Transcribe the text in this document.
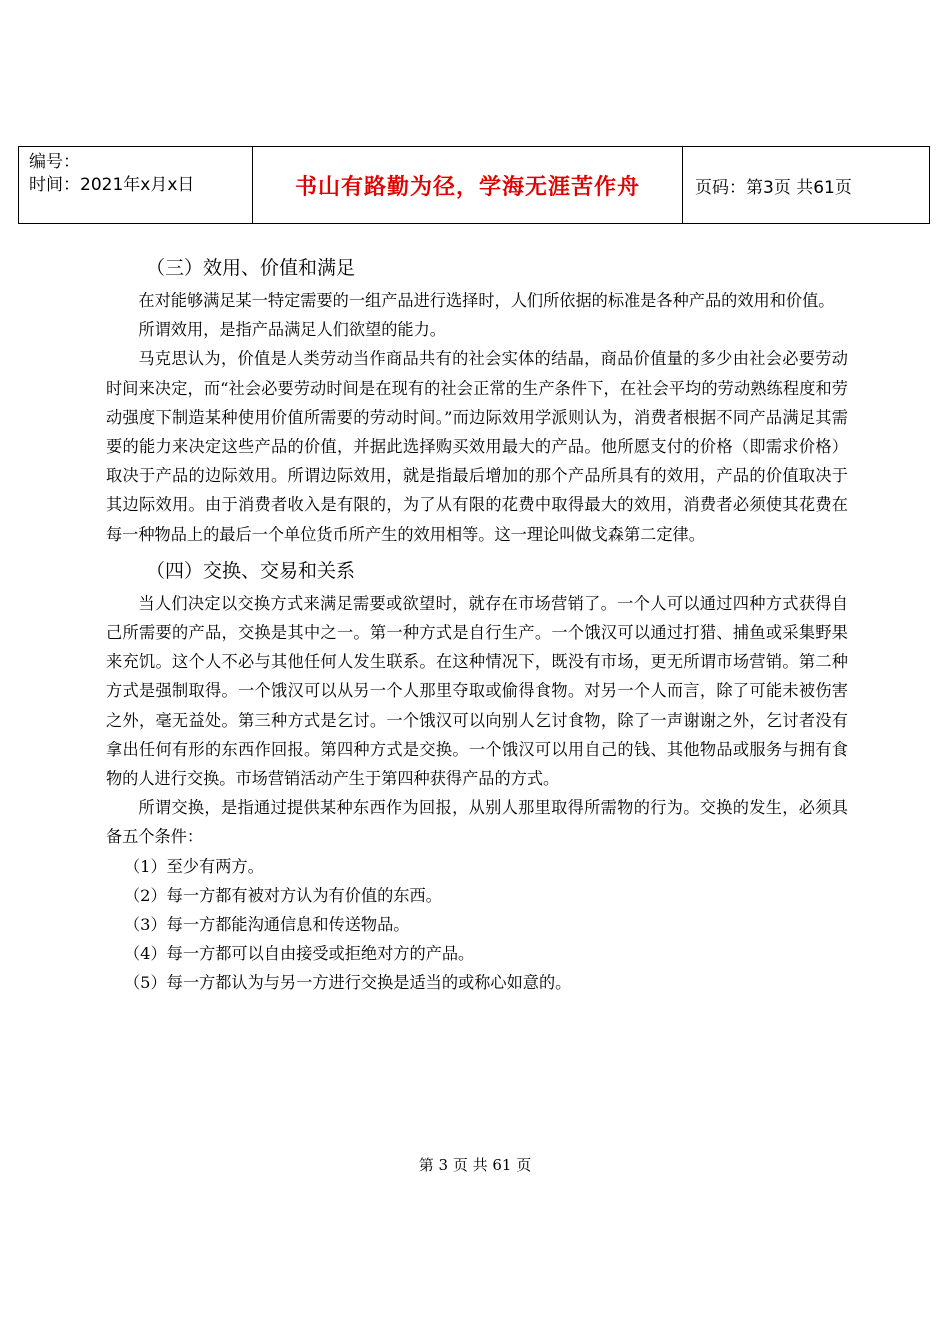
编号：
时间：2021年x月x日	书山有路勤为径，学海无涯苦作舟	页码：第3页 共61页
（三）效用、价值和满足

在对能够满足某一特定需要的一组产品进行选择时，人们所依据的标准是各种产品的效用和价值。

所谓效用，是指产品满足人们欲望的能力。

马克思认为，价值是人类劳动当作商品共有的社会实体的结晶，商品价值量的多少由社会必要劳动时间来决定，而“社会必要劳动时间是在现有的社会正常的生产条件下，在社会平均的劳动熟练程度和劳动强度下制造某种使用价值所需要的劳动时间。”而边际效用学派则认为，消费者根据不同产品满足其需要的能力来决定这些产品的价值，并据此选择购买效用最大的产品。他所愿支付的价格（即需求价格）取决于产品的边际效用。所谓边际效用，就是指最后增加的那个产品所具有的效用，产品的价值取决于其边际效用。由于消费者收入是有限的，为了从有限的花费中取得最大的效用，消费者必须使其花费在每一种物品上的最后一个单位货币所产生的效用相等。这一理论叫做戈森第二定律。

（四）交换、交易和关系

当人们决定以交换方式来满足需要或欲望时，就存在市场营销了。一个人可以通过四种方式获得自己所需要的产品，交换是其中之一。第一种方式是自行生产。一个饿汉可以通过打猎、捕鱼或采集野果来充饥。这个人不必与其他任何人发生联系。在这种情况下，既没有市场，更无所谓市场营销。第二种方式是强制取得。一个饿汉可以从另一个人那里夺取或偷得食物。对另一个人而言，除了可能未被伤害之外，毫无益处。第三种方式是乞讨。一个饿汉可以向别人乞讨食物，除了一声谢谢之外，乞讨者没有拿出任何有形的东西作回报。第四种方式是交换。一个饿汉可以用自己的钱、其他物品或服务与拥有食物的人进行交换。市场营销活动产生于第四种获得产品的方式。

所谓交换，是指通过提供某种东西作为回报，从别人那里取得所需物的行为。交换的发生，必须具备五个条件：

（1）至少有两方。

（2）每一方都有被对方认为有价值的东西。

（3）每一方都能沟通信息和传送物品。

（4）每一方都可以自由接受或拒绝对方的产品。

（5）每一方都认为与另一方进行交换是适当的或称心如意的。

第 3 页 共 61 页
